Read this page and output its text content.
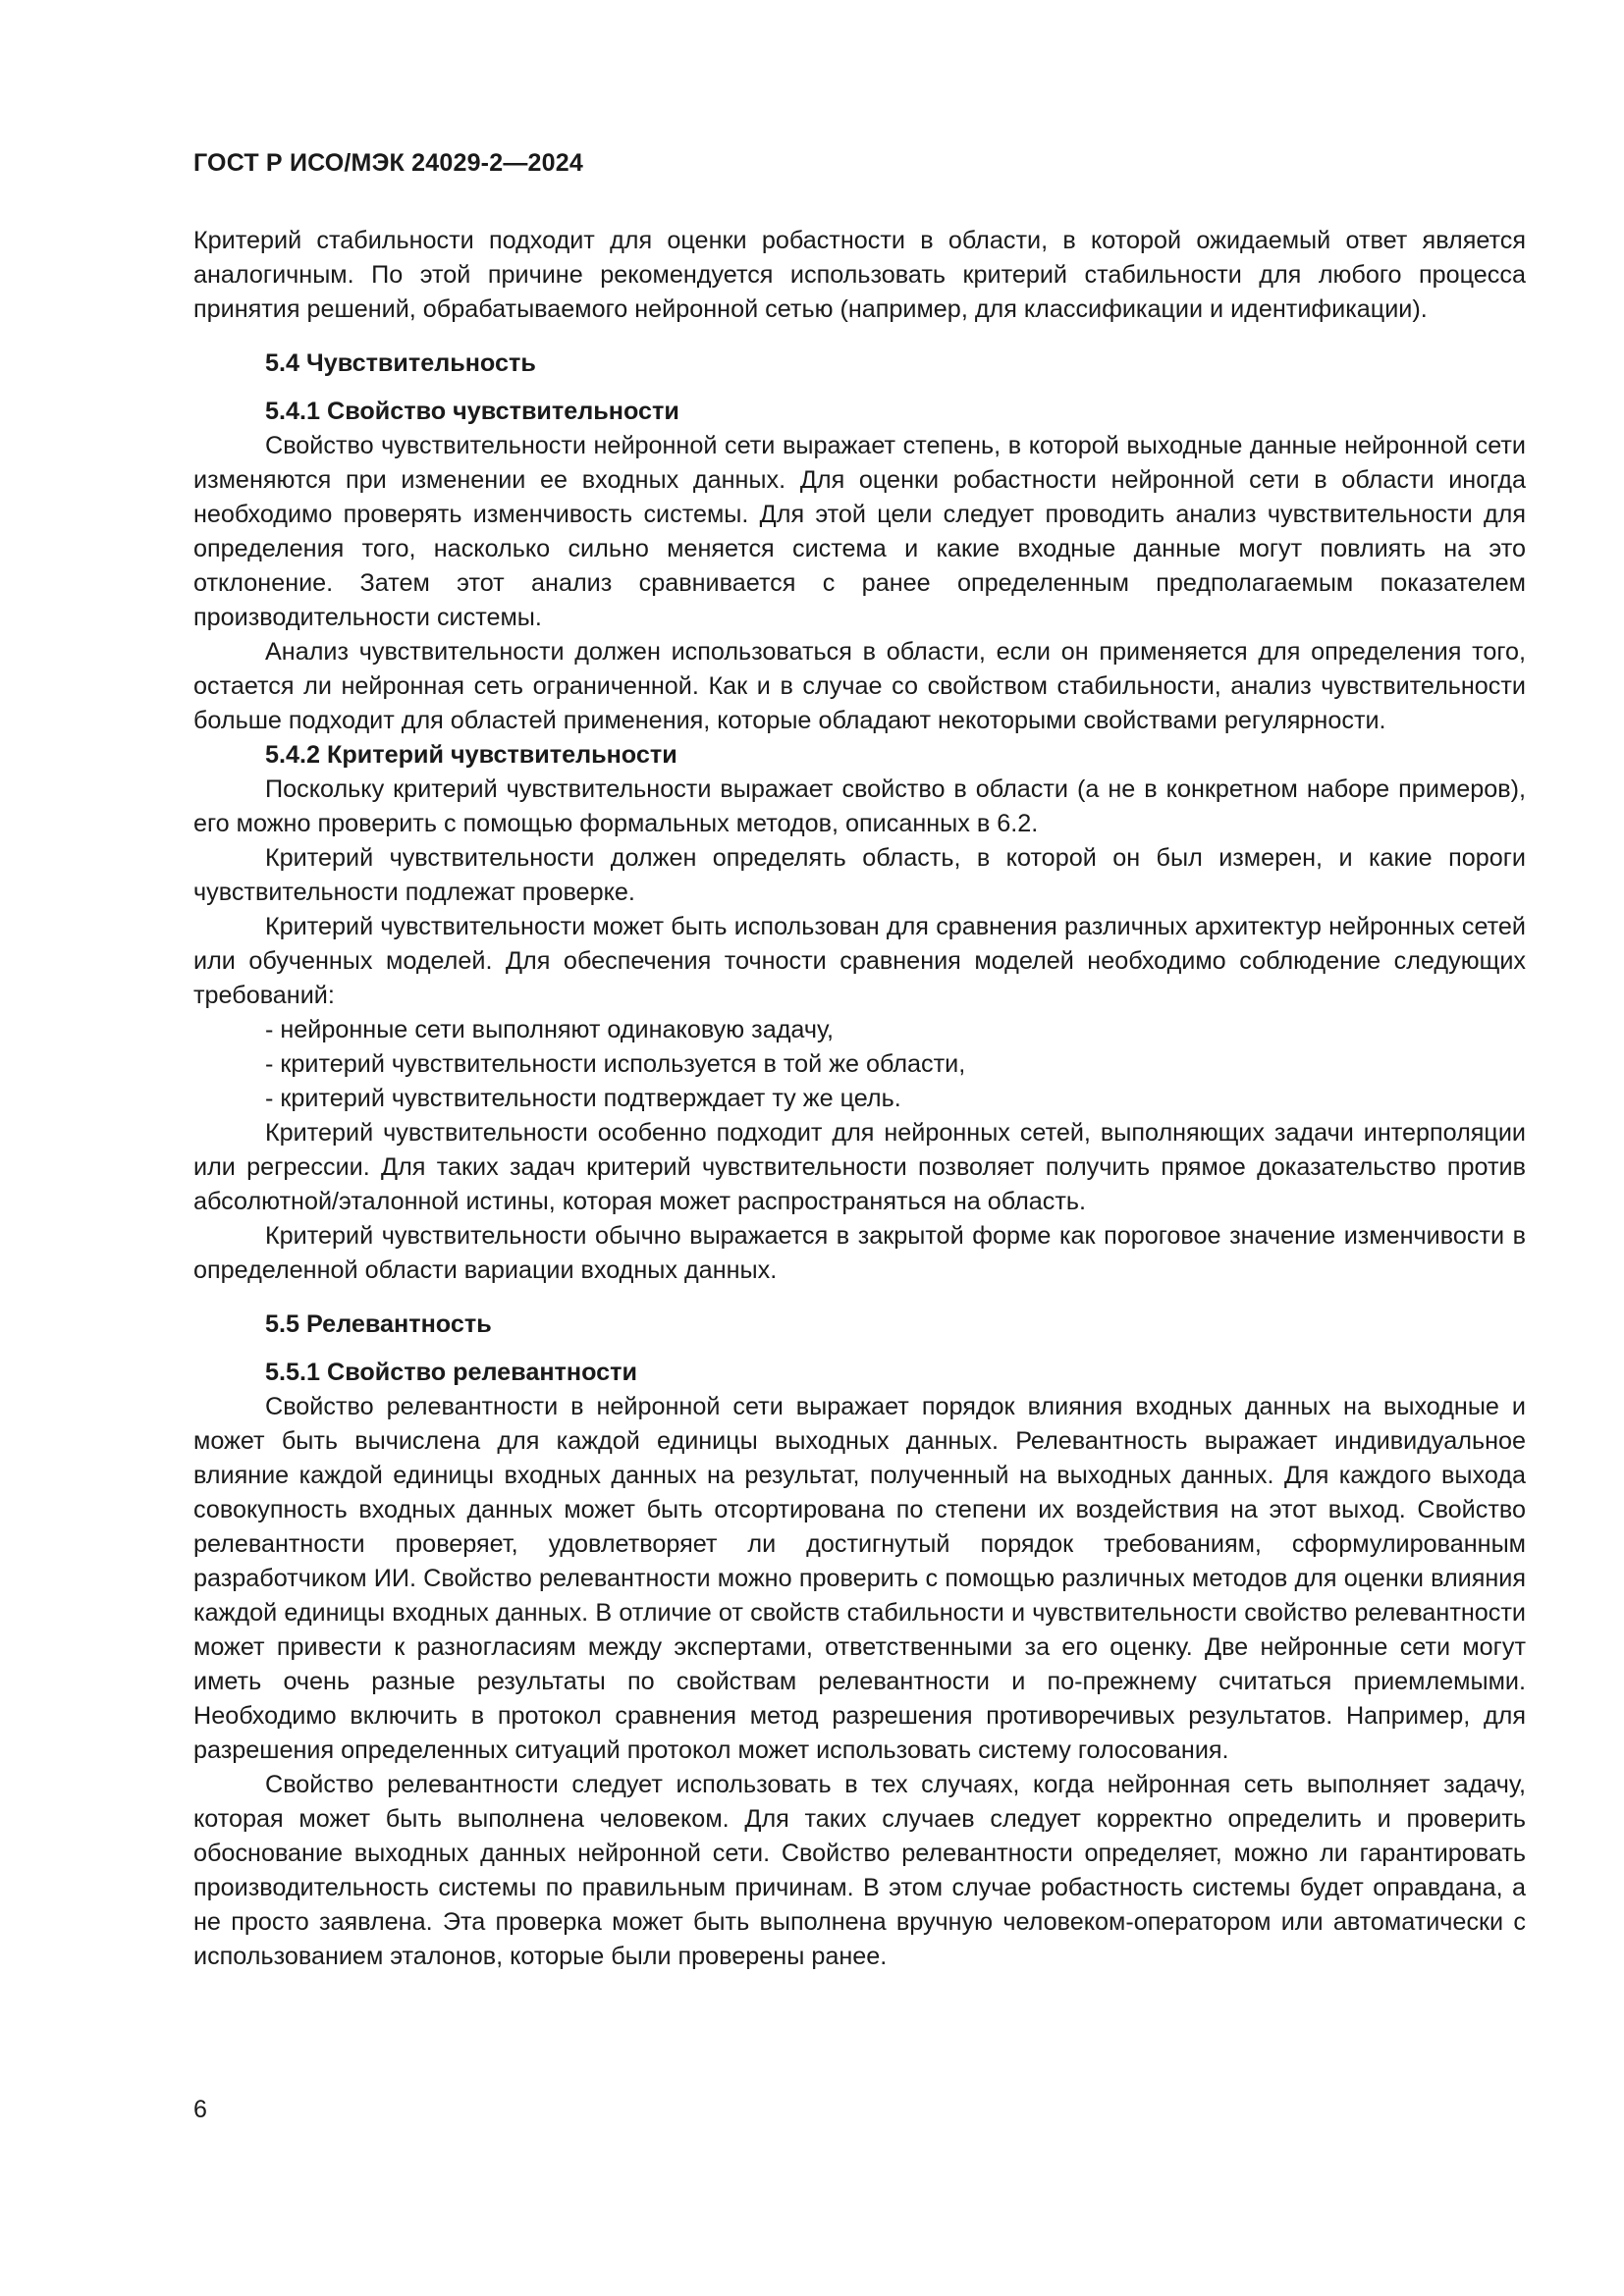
ГОСТ Р ИСО/МЭК 24029-2—2024

Критерий стабильности подходит для оценки робастности в области, в которой ожидаемый ответ является аналогичным. По этой причине рекомендуется использовать критерий стабильности для любого процесса принятия решений, обрабатываемого нейронной сетью (например, для классификации и идентификации).

5.4 Чувствительность

5.4.1 Свойство чувствительности

Свойство чувствительности нейронной сети выражает степень, в которой выходные данные нейронной сети изменяются при изменении ее входных данных. Для оценки робастности нейронной сети в области иногда необходимо проверять изменчивость системы. Для этой цели следует проводить анализ чувствительности для определения того, насколько сильно меняется система и какие входные данные могут повлиять на это отклонение. Затем этот анализ сравнивается с ранее определенным предполагаемым показателем производительности системы.

Анализ чувствительности должен использоваться в области, если он применяется для определения того, остается ли нейронная сеть ограниченной. Как и в случае со свойством стабильности, анализ чувствительности больше подходит для областей применения, которые обладают некоторыми свойствами регулярности.

5.4.2 Критерий чувствительности

Поскольку критерий чувствительности выражает свойство в области (а не в конкретном наборе примеров), его можно проверить с помощью формальных методов, описанных в 6.2.

Критерий чувствительности должен определять область, в которой он был измерен, и какие пороги чувствительности подлежат проверке.

Критерий чувствительности может быть использован для сравнения различных архитектур нейронных сетей или обученных моделей. Для обеспечения точности сравнения моделей необходимо соблюдение следующих требований:

- нейронные сети выполняют одинаковую задачу,

- критерий чувствительности используется в той же области,

- критерий чувствительности подтверждает ту же цель.

Критерий чувствительности особенно подходит для нейронных сетей, выполняющих задачи интерполяции или регрессии. Для таких задач критерий чувствительности позволяет получить прямое доказательство против абсолютной/эталонной истины, которая может распространяться на область.

Критерий чувствительности обычно выражается в закрытой форме как пороговое значение изменчивости в определенной области вариации входных данных.

5.5 Релевантность

5.5.1 Свойство релевантности

Свойство релевантности в нейронной сети выражает порядок влияния входных данных на выходные и может быть вычислена для каждой единицы выходных данных. Релевантность выражает индивидуальное влияние каждой единицы входных данных на результат, полученный на выходных данных. Для каждого выхода совокупность входных данных может быть отсортирована по степени их воздействия на этот выход. Свойство релевантности проверяет, удовлетворяет ли достигнутый порядок требованиям, сформулированным разработчиком ИИ. Свойство релевантности можно проверить с помощью различных методов для оценки влияния каждой единицы входных данных. В отличие от свойств стабильности и чувствительности свойство релевантности может привести к разногласиям между экспертами, ответственными за его оценку. Две нейронные сети могут иметь очень разные результаты по свойствам релевантности и по-прежнему считаться приемлемыми. Необходимо включить в протокол сравнения метод разрешения противоречивых результатов. Например, для разрешения определенных ситуаций протокол может использовать систему голосования.

Свойство релевантности следует использовать в тех случаях, когда нейронная сеть выполняет задачу, которая может быть выполнена человеком. Для таких случаев следует корректно определить и проверить обоснование выходных данных нейронной сети. Свойство релевантности определяет, можно ли гарантировать производительность системы по правильным причинам. В этом случае робастность системы будет оправдана, а не просто заявлена. Эта проверка может быть выполнена вручную человеком-оператором или автоматически с использованием эталонов, которые были проверены ранее.

6
